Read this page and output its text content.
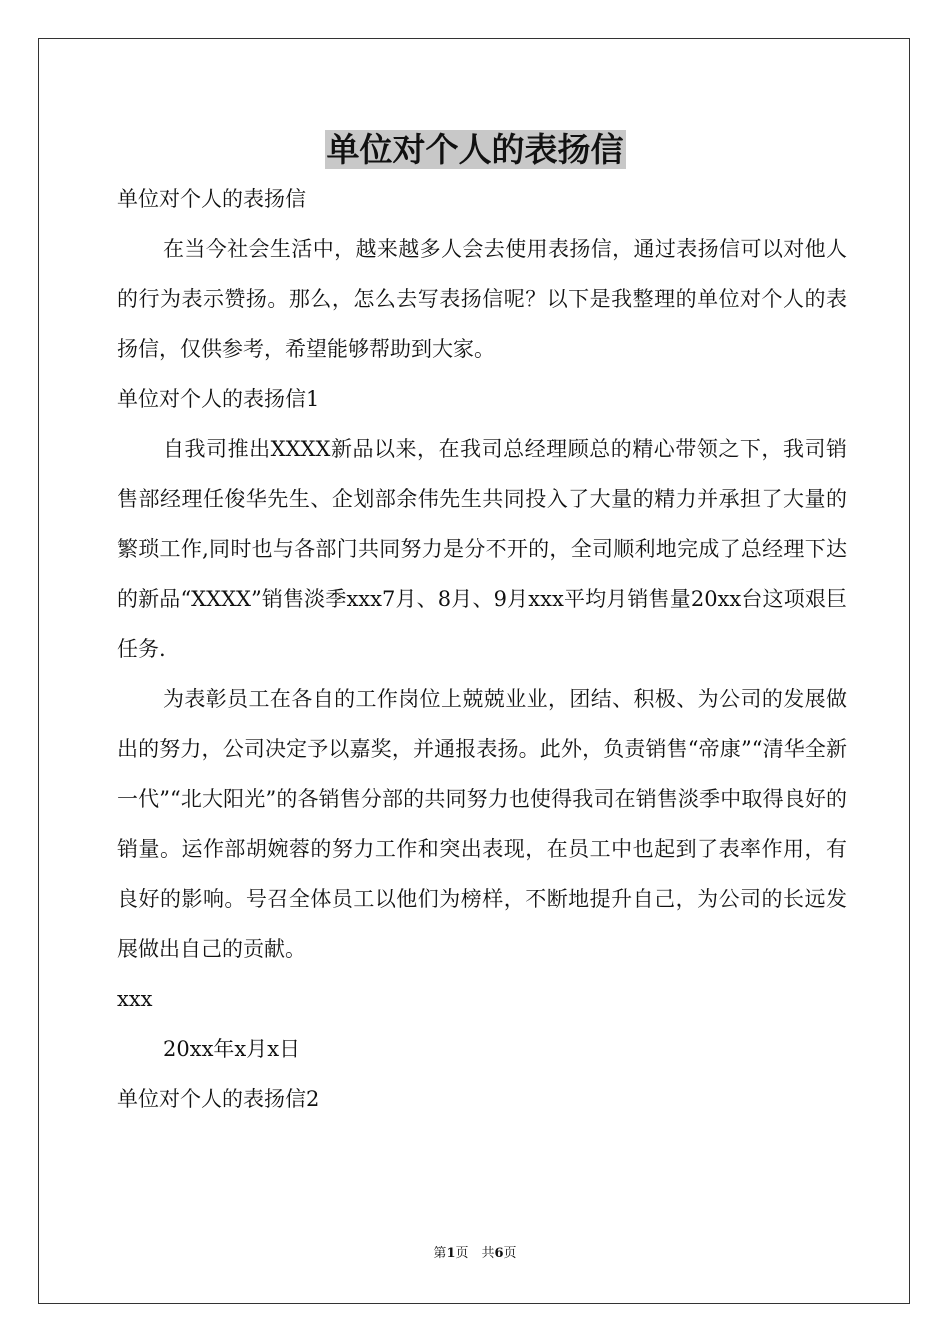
单位对个人的表扬信

单位对个人的表扬信

在当今社会生活中，越来越多人会去使用表扬信，通过表扬信可以对他人的行为表示赞扬。那么，怎么去写表扬信呢？以下是我整理的单位对个人的表扬信，仅供参考，希望能够帮助到大家。

单位对个人的表扬信1

自我司推出XXXX新品以来，在我司总经理顾总的精心带领之下，我司销售部经理任俊华先生、企划部余伟先生共同投入了大量的精力并承担了大量的繁琐工作,同时也与各部门共同努力是分不开的，全司顺利地完成了总经理下达的新品“XXXX”销售淡季xxx7月、8月、9月xxx平均月销售量20xx台这项艰巨任务.

为表彰员工在各自的工作岗位上兢兢业业，团结、积极、为公司的发展做出的努力，公司决定予以嘉奖，并通报表扬。此外，负责销售“帝康”“清华全新一代”“北大阳光”的各销售分部的共同努力也使得我司在销售淡季中取得良好的销量。运作部胡婉蓉的努力工作和突出表现，在员工中也起到了表率作用，有良好的影响。号召全体员工以他们为榜样，不断地提升自己，为公司的长远发展做出自己的贡献。

xxx

20xx年x月x日

单位对个人的表扬信2

第1页　共6页
